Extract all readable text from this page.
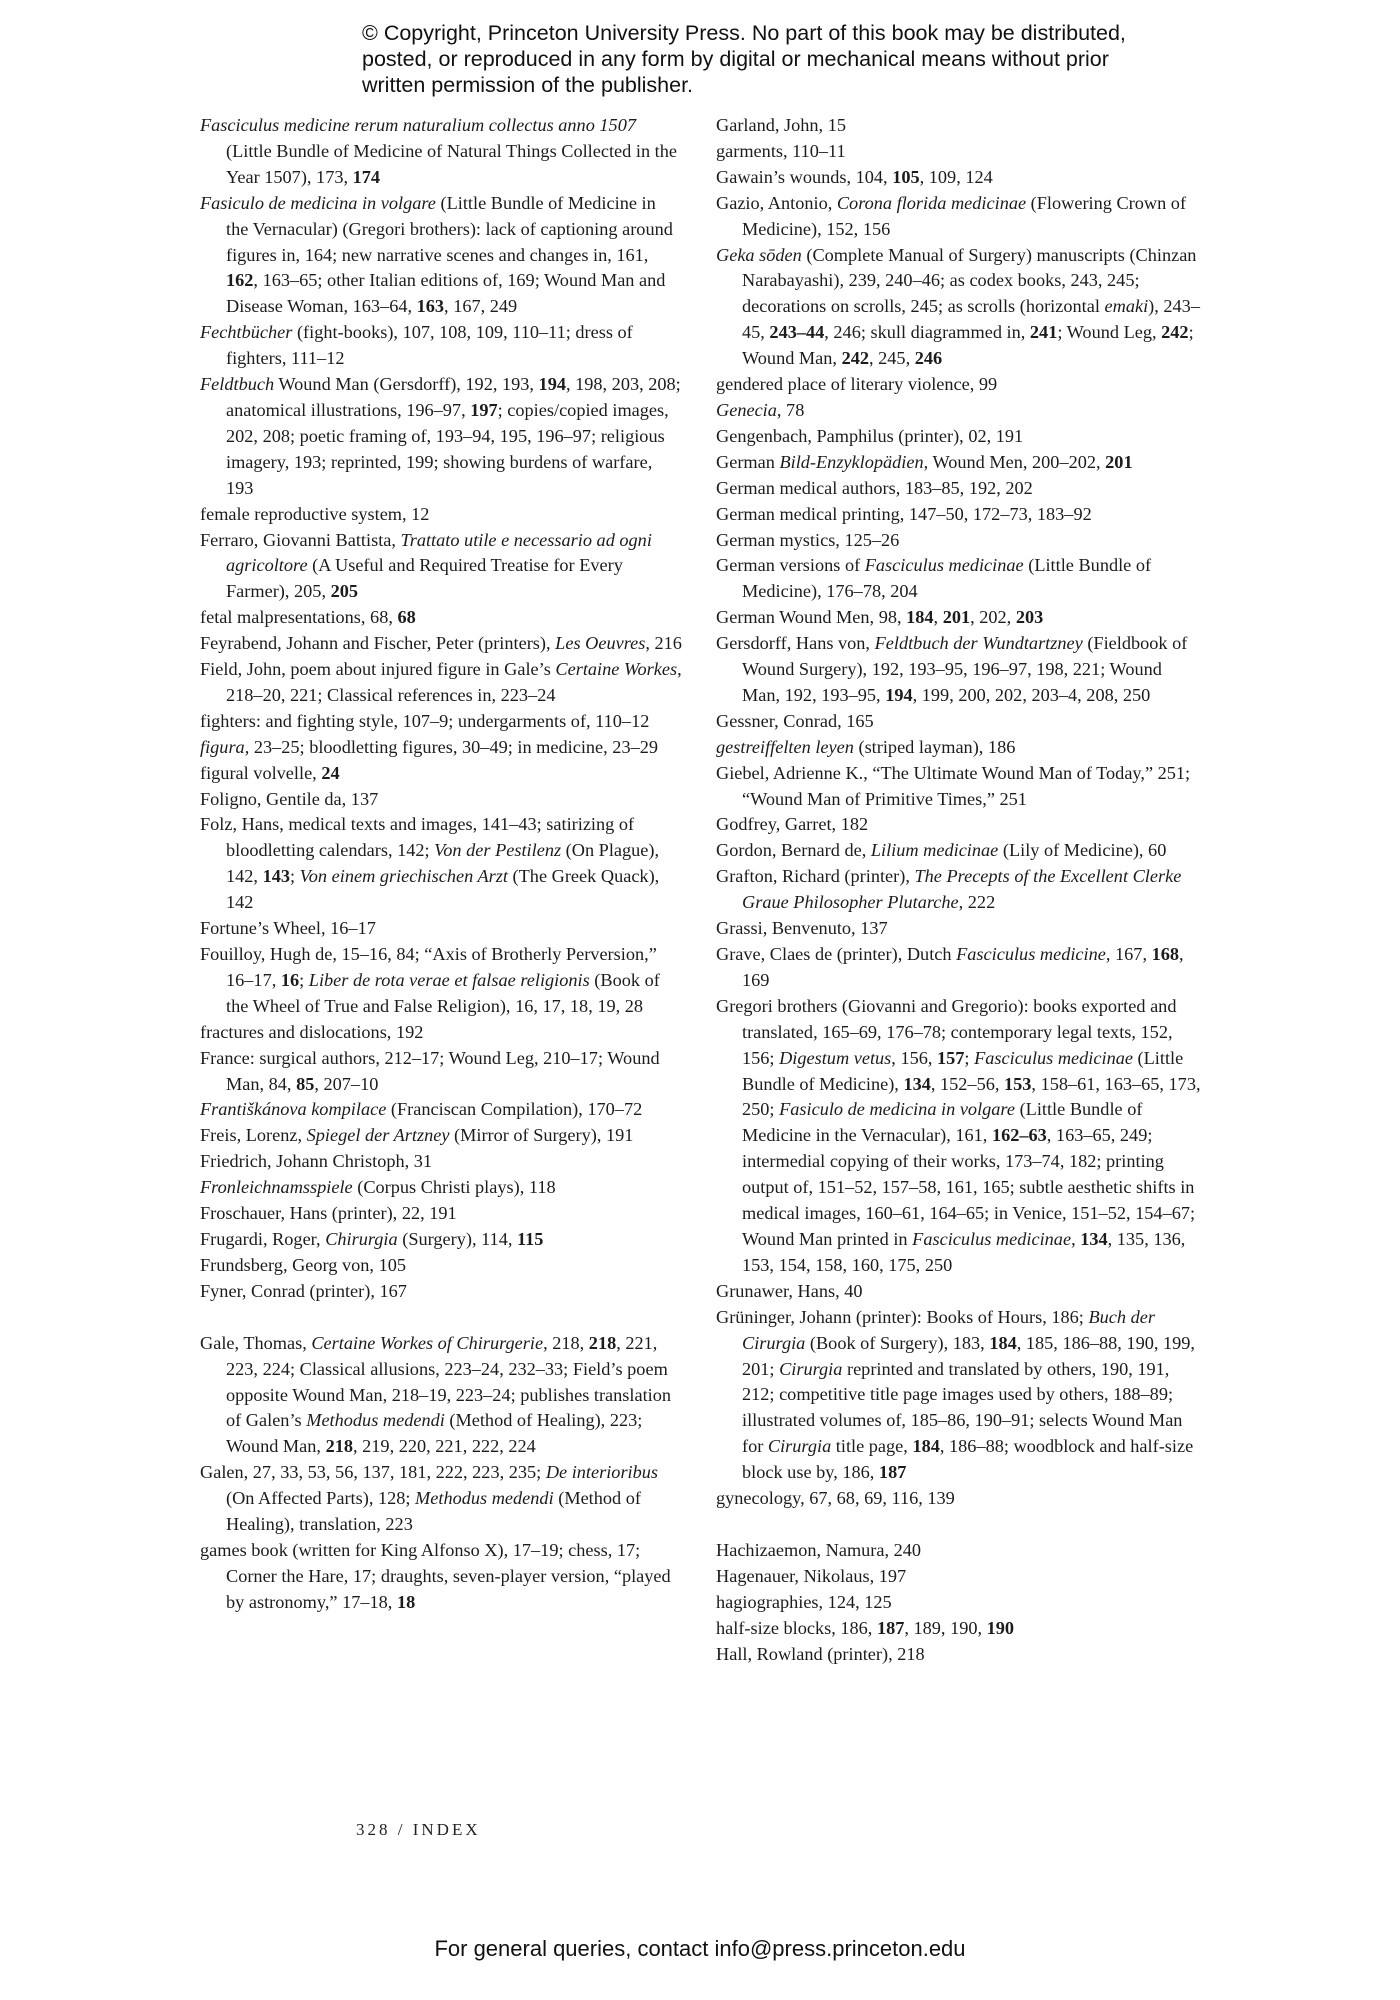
© Copyright, Princeton University Press. No part of this book may be distributed, posted, or reproduced in any form by digital or mechanical means without prior written permission of the publisher.
Fasciculus medicine rerum naturalium collectus anno 1507 (Little Bundle of Medicine of Natural Things Collected in the Year 1507), 173, 174
Fasiculo de medicina in volgare (Little Bundle of Medicine in the Vernacular) (Gregori brothers): lack of captioning around figures in, 164; new narrative scenes and changes in, 161, 162, 163–65; other Italian editions of, 169; Wound Man and Disease Woman, 163–64, 163, 167, 249
Fechtbücher (fight-books), 107, 108, 109, 110–11; dress of fighters, 111–12
Feldtbuch Wound Man (Gersdorff), 192, 193, 194, 198, 203, 208; anatomical illustrations, 196–97, 197; copies/copied images, 202, 208; poetic framing of, 193–94, 195, 196–97; religious imagery, 193; reprinted, 199; showing burdens of warfare, 193
female reproductive system, 12
Ferraro, Giovanni Battista, Trattato utile e necessario ad ogni agricoltore (A Useful and Required Treatise for Every Farmer), 205, 205
fetal malpresentations, 68, 68
Feyrabend, Johann and Fischer, Peter (printers), Les Oeuvres, 216
Field, John, poem about injured figure in Gale’s Certaine Workes, 218–20, 221; Classical references in, 223–24
fighters: and fighting style, 107–9; undergarments of, 110–12
figura, 23–25; bloodletting figures, 30–49; in medicine, 23–29
figural volvelle, 24
Foligno, Gentile da, 137
Folz, Hans, medical texts and images, 141–43; satirizing of bloodletting calendars, 142; Von der Pestilenz (On Plague), 142, 143; Von einem griechischen Arzt (The Greek Quack), 142
Fortune’s Wheel, 16–17
Fouilloy, Hugh de, 15–16, 84; “Axis of Brotherly Perversion,” 16–17, 16; Liber de rota verae et falsae religionis (Book of the Wheel of True and False Religion), 16, 17, 18, 19, 28
fractures and dislocations, 192
France: surgical authors, 212–17; Wound Leg, 210–17; Wound Man, 84, 85, 207–10
Františkánova kompilace (Franciscan Compilation), 170–72
Freis, Lorenz, Spiegel der Artzney (Mirror of Surgery), 191
Friedrich, Johann Christoph, 31
Fronleichnamsspiele (Corpus Christi plays), 118
Froschauer, Hans (printer), 22, 191
Frugardi, Roger, Chirurgia (Surgery), 114, 115
Frundsberg, Georg von, 105
Fyner, Conrad (printer), 167
Gale, Thomas, Certaine Workes of Chirurgerie, 218, 218, 221, 223, 224; Classical allusions, 223–24, 232–33; Field’s poem opposite Wound Man, 218–19, 223–24; publishes translation of Galen’s Methodus medendi (Method of Healing), 223; Wound Man, 218, 219, 220, 221, 222, 224
Galen, 27, 33, 53, 56, 137, 181, 222, 223, 235; De interioribus (On Affected Parts), 128; Methodus medendi (Method of Healing), translation, 223
games book (written for King Alfonso X), 17–19; chess, 17; Corner the Hare, 17; draughts, seven-player version, “played by astronomy,” 17–18, 18
Garland, John, 15
garments, 110–11
Gawain’s wounds, 104, 105, 109, 124
Gazio, Antonio, Corona florida medicinae (Flowering Crown of Medicine), 152, 156
Geka sōden (Complete Manual of Surgery) manuscripts (Chinzan Narabayashi), 239, 240–46; as codex books, 243, 245; decorations on scrolls, 245; as scrolls (horizontal emaki), 243–45, 243–44, 246; skull diagrammed in, 241; Wound Leg, 242; Wound Man, 242, 245, 246
gendered place of literary violence, 99
Genecia, 78
Gengenbach, Pamphilus (printer), 02, 191
German Bild-Enzyklopädien, Wound Men, 200–202, 201
German medical authors, 183–85, 192, 202
German medical printing, 147–50, 172–73, 183–92
German mystics, 125–26
German versions of Fasciculus medicinae (Little Bundle of Medicine), 176–78, 204
German Wound Men, 98, 184, 201, 202, 203
Gersdorff, Hans von, Feldtbuch der Wundtartzney (Fieldbook of Wound Surgery), 192, 193–95, 196–97, 198, 221; Wound Man, 192, 193–95, 194, 199, 200, 202, 203–4, 208, 250
Gessner, Conrad, 165
gestreiffelten leyen (striped layman), 186
Giebel, Adrienne K., “The Ultimate Wound Man of Today,” 251; “Wound Man of Primitive Times,” 251
Godfrey, Garret, 182
Gordon, Bernard de, Lilium medicinae (Lily of Medicine), 60
Grafton, Richard (printer), The Precepts of the Excellent Clerke Graue Philosopher Plutarche, 222
Grassi, Benvenuto, 137
Grave, Claes de (printer), Dutch Fasciculus medicine, 167, 168, 169
Gregori brothers (Giovanni and Gregorio): books exported and translated, 165–69, 176–78; contemporary legal texts, 152, 156; Digestum vetus, 156, 157; Fasciculus medicinae (Little Bundle of Medicine), 134, 152–56, 153, 158–61, 163–65, 173, 250; Fasiculo de medicina in volgare (Little Bundle of Medicine in the Vernacular), 161, 162–63, 163–65, 249; intermedial copying of their works, 173–74, 182; printing output of, 151–52, 157–58, 161, 165; subtle aesthetic shifts in medical images, 160–61, 164–65; in Venice, 151–52, 154–67; Wound Man printed in Fasciculus medicinae, 134, 135, 136, 153, 154, 158, 160, 175, 250
Grunawer, Hans, 40
Grüninger, Johann (printer): Books of Hours, 186; Buch der Cirurgia (Book of Surgery), 183, 184, 185, 186–88, 190, 199, 201; Cirurgia reprinted and translated by others, 190, 191, 212; competitive title page images used by others, 188–89; illustrated volumes of, 185–86, 190–91; selects Wound Man for Cirurgia title page, 184, 186–88; woodblock and half-size block use by, 186, 187
gynecology, 67, 68, 69, 116, 139
Hachizaemon, Namura, 240
Hagenauer, Nikolaus, 197
hagiographies, 124, 125
half-size blocks, 186, 187, 189, 190, 190
Hall, Rowland (printer), 218
328 / INDEX
For general queries, contact info@press.princeton.edu
